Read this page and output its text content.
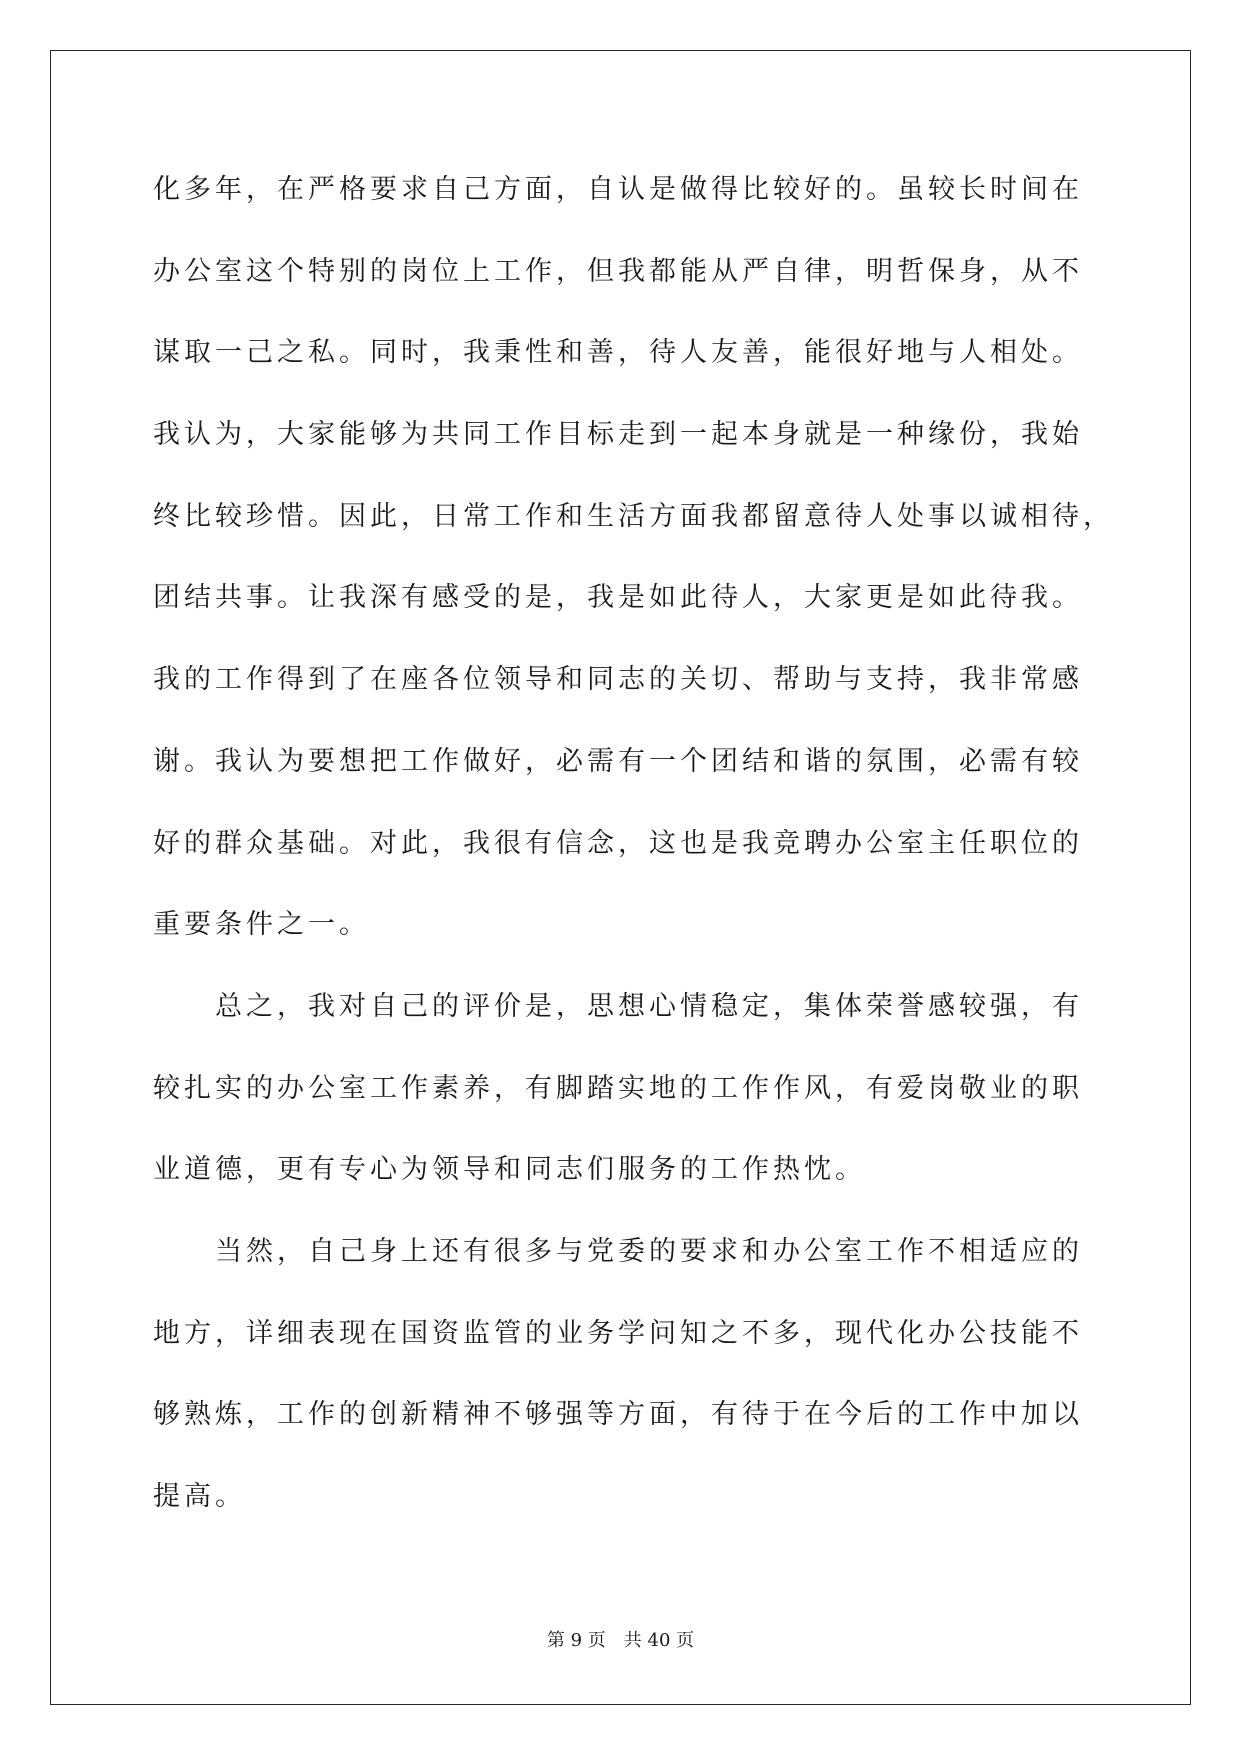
化多年，在严格要求自己方面，自认是做得比较好的。虽较长时间在
办公室这个特别的岗位上工作，但我都能从严自律，明哲保身，从不
谋取一己之私。同时，我秉性和善，待人友善，能很好地与人相处。
我认为，大家能够为共同工作目标走到一起本身就是一种缘份，我始
终比较珍惜。因此，日常工作和生活方面我都留意待人处事以诚相待，
团结共事。让我深有感受的是，我是如此待人，大家更是如此待我。
我的工作得到了在座各位领导和同志的关切、帮助与支持，我非常感
谢。我认为要想把工作做好，必需有一个团结和谐的氛围，必需有较
好的群众基础。对此，我很有信念，这也是我竞聘办公室主任职位的
重要条件之一。
总之，我对自己的评价是，思想心情稳定，集体荣誉感较强，有
较扎实的办公室工作素养，有脚踏实地的工作作风，有爱岗敬业的职
业道德，更有专心为领导和同志们服务的工作热忱。
当然，自己身上还有很多与党委的要求和办公室工作不相适应的
地方，详细表现在国资监管的业务学问知之不多，现代化办公技能不
够熟炼，工作的创新精神不够强等方面，有待于在今后的工作中加以
提高。
第 9 页 共 40 页
